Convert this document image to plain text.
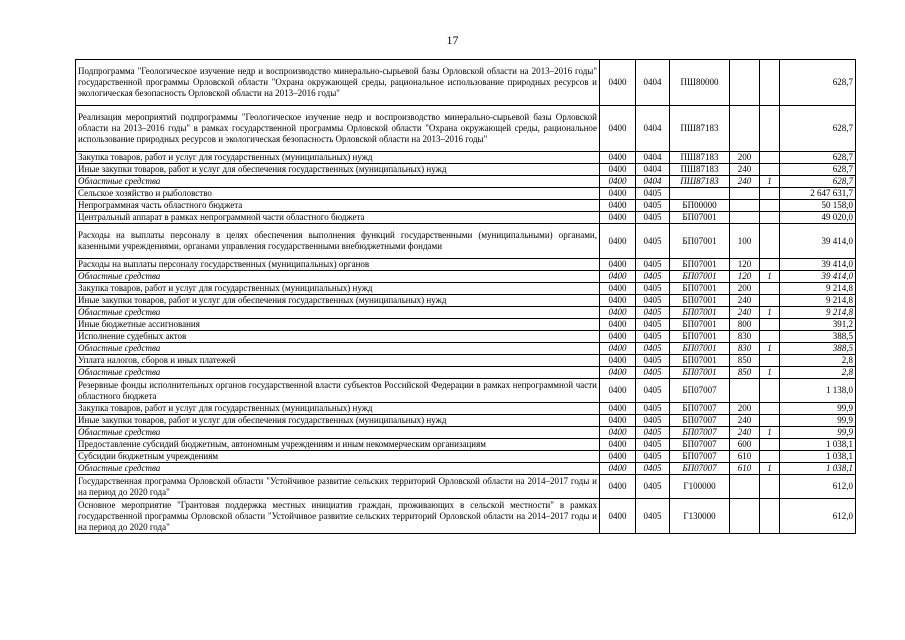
17
Подпрограмма "Геологическое изучение недр и воспроизводство минерально-сырьевой базы Орловской области на 2013–2016 годы" государственной программы Орловской области "Охрана окружающей среды, рациональное использование природных ресурсов и экологическая безопасность Орловской области на 2013–2016 годы"	0400	0404	ПШ80000			628,7
Реализация мероприятий подпрограммы "Геологическое изучение недр и воспроизводство минерально-сырьевой базы Орловской области на 2013–2016 годы" в рамках государственной программы Орловской области "Охрана окружающей среды, рациональное использование природных ресурсов и экологическая безопасность Орловской области на 2013–2016 годы"	0400	0404	ПШ87183			628,7
Закупка товаров, работ и услуг для государственных (муниципальных) нужд	0400	0404	ПШ87183	200		628,7
Иные закупки товаров, работ и услуг для обеспечения государственных (муниципальных) нужд	0400	0404	ПШ87183	240		628,7
Областные средства	0400	0404	ПШ87183	240	1	628,7
Сельское хозяйство и рыболовство	0400	0405				2 647 631,7
Непрограммная часть областного бюджета	0400	0405	БП00000			50 158,0
Центральный аппарат в рамках непрограммной части областного бюджета	0400	0405	БП07001			49 020,0
Расходы на выплаты персоналу в целях обеспечения выполнения функций государственными (муниципальными) органами, казенными учреждениями, органами управления государственными внебюджетными фондами	0400	0405	БП07001	100		39 414,0
Расходы на выплаты персоналу государственных (муниципальных) органов	0400	0405	БП07001	120		39 414,0
Областные средства	0400	0405	БП07001	120	1	39 414,0
Закупка товаров, работ и услуг для государственных (муниципальных) нужд	0400	0405	БП07001	200		9 214,8
Иные закупки товаров, работ и услуг для обеспечения государственных (муниципальных) нужд	0400	0405	БП07001	240		9 214,8
Областные средства	0400	0405	БП07001	240	1	9 214,8
Иные бюджетные ассигнования	0400	0405	БП07001	800		391,2
Исполнение судебных актов	0400	0405	БП07001	830		388,5
Областные средства	0400	0405	БП07001	830	1	388,5
Уплата налогов, сборов и иных платежей	0400	0405	БП07001	850		2,8
Областные средства	0400	0405	БП07001	850	1	2,8
Резервные фонды исполнительных органов государственной власти субъектов Российской Федерации в рамках непрограммной части областного бюджета	0400	0405	БП07007			1 138,0
Закупка товаров, работ и услуг для государственных (муниципальных) нужд	0400	0405	БП07007	200		99,9
Иные закупки товаров, работ и услуг для обеспечения государственных (муниципальных) нужд	0400	0405	БП07007	240		99,9
Областные средства	0400	0405	БП07007	240	1	99,9
Предоставление субсидий бюджетным, автономным учреждениям и иным некоммерческим организациям	0400	0405	БП07007	600		1 038,1
Субсидии бюджетным учреждениям	0400	0405	БП07007	610		1 038,1
Областные средства	0400	0405	БП07007	610	1	1 038,1
Государственная программа Орловской области "Устойчивое развитие сельских территорий Орловской области на 2014–2017 годы и на период до 2020 года"	0400	0405	Г100000			612,0
Основное мероприятие "Грантовая поддержка местных инициатив граждан, проживающих в сельской местности" в рамках государственной программы Орловской области "Устойчивое развитие сельских территорий Орловской области на 2014–2017 годы и на период до 2020 года"	0400	0405	Г130000			612,0
